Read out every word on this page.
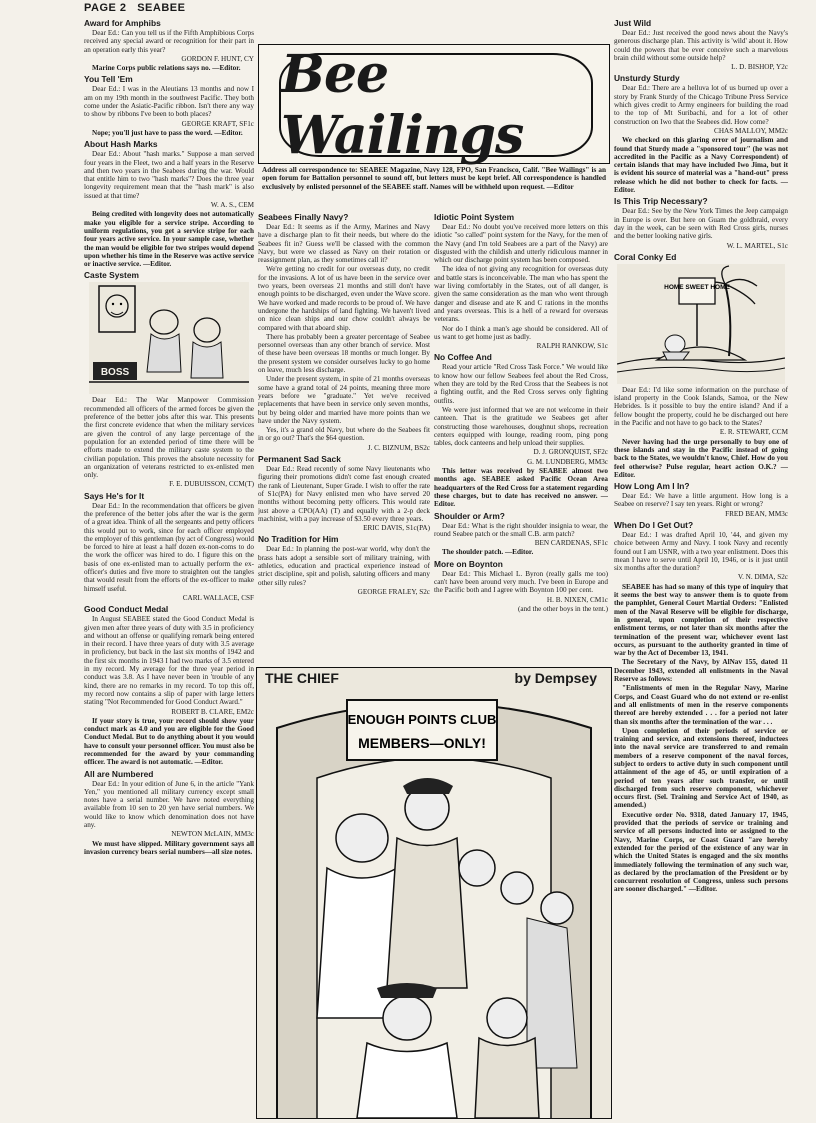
PAGE 2 SEABEE
Award for Amphibs

Dear Ed.: Can you tell us if the Fifth Amphibious Corps received any special award or recognition for their part in an operation early this year?

GORDON F. HUNT, CY

Marine Corps public relations says no. —Editor.

You Tell 'Em

Dear Ed.: I was in the Aleutians 13 months and now I am on my 19th month in the southwest Pacific. They both come under the Asiatic-Pacific ribbon. Isn't there any way to show by ribbons I've been to both places?

GEORGE KRAFT, SF1c

Nope; you'll just have to pass the word. —Editor.

About Hash Marks

Dear Ed.: About "hash marks." Suppose a man served four years in the Fleet, two and a half years in the Reserve and then two years in the Seabees during the war. Would that entitle him to two "hash marks"? Does the three year longevity requirement mean that the "hash mark" is also issued at that time?

W. A. S., CEM

Being credited with longevity does not automatically make you eligible for a service stripe. According to uniform regulations, you get a service stripe for each four years active service. In your sample case, whether the man would be eligible for two stripes would depend upon whether his time in the Reserve was active service or inactive service. —Editor.

Caste System
BOSS

Dear Ed.: The War Manpower Commission recommended all officers of the armed forces be given the preference of the better jobs after this war. This presents the first concrete evidence that when the military services are given the control of any large percentage of the population for an extended period of time there will be efforts made to extend the military caste system to the civilian population. This proves the absolute necessity for an organization of veterans restricted to ex-enlisted men only.

F. E. DUBUISSON, CCM(T)

Says He's for It

Dear Ed.: In the recommendation that officers be given the preference of the better jobs after the war is the germ of a great idea. Think of all the sergeants and petty officers this would put to work, since for each officer employed the employer of this gentleman (by act of Congress) would be forced to hire at least a half dozen ex-non-coms to do the work the officer was hired to do. I figure this on the basis of one ex-enlisted man to actually perform the ex-officer's duties and five more to straighten out the tangles that would result from the efforts of the ex-officer to make himself useful.

CARL WALLACE, CSF

Good Conduct Medal

In August SEABEE stated the Good Conduct Medal is given men after three years of duty with 3.5 in proficiency and without an offense or qualifying remark being entered in their record. I have three years of duty with 3.5 average in proficiency, but back in the last six months of 1942 and the first six months in 1943 I had two marks of 3.5 entered in my record. My average for the three year period in conduct was 3.8. As I have never been in 'trouble of any kind, there are no remarks in my record. To top this off, my record now contains a slip of paper with large letters stating "Not Recommended for Good Conduct Award."

ROBERT B. CLARE, EM2c

If your story is true, your record should show your conduct mark as 4.0 and you are eligible for the Good Conduct Medal. But to do anything about it you would have to consult your personnel officer. You must also be recommended for the award by your commanding officer. The award is not automatic. —Editor.

All are Numbered

Dear Ed.: In your edition of June 6, in the article "Yank Yen," you mentioned all military currency except small notes have a serial number. We have noted everything available from 10 sen to 20 yen have serial numbers. We would like to know which denomination does not have any.

NEWTON McLAIN, MM3c

We must have slipped. Military government says all invasion currency bears serial numbers—all size notes.

Bee Wailings
Address all correspondence to: SEABEE Magazine, Navy 128, FPO, San Francisco, Calif. "Bee Wailings" is an open forum for Battalion personnel to sound off, but letters must be kept brief. All correspondence is handled exclusively by enlisted personnel of the SEABEE staff. Names will be withheld upon request. —Editor
Seabees Finally Navy?

Dear Ed.: It seems as if the Army, Marines and Navy have a discharge plan to fit their needs, but where do the Seabees fit in? Guess we'll be classed with the common Navy, but were we classed as Navy on their rotation or reassignment plan, as they sometimes call it?

We're getting no credit for our overseas duty, no credit for the invasions. A lot of us have been in the service over two years, been overseas 21 months and still don't have enough points to be discharged, even under the Wave score. We have worked and made records to be proud of. We have undergone the hardships of land fighting. We haven't lived on nice clean ships and our chow couldn't always be compared with that aboard ship.

There has probably been a greater percentage of Seabee personnel overseas than any other branch of service. Most of these have been overseas 18 months or much longer. By the present system we consider ourselves lucky to go home on leave, much less discharge.

Under the present system, in spite of 21 months overseas some have a grand total of 24 points, meaning three more years before we "graduate." Yet we've received replacements that have been in service only seven months, but by being older and married have more points than we have under the Navy system.

Yes, it's a grand old Navy, but where do the Seabees fit in or go out? That's the $64 question.

J. C. BIZNUM, BS2c

Permanent Sad Sack

Dear Ed.: Read recently of some Navy lieutenants who figuring their promotions didn't come fast enough created the rank of Lieutenant, Super Grade. I wish to offer the rate of S1c(PA) for Navy enlisted men who have served 20 months without becoming petty officers. This would rate just above a CPO(AA) (T) and equally with a 2-p deck machinist, with a pay increase of $3.50 every three years.

ERIC DAVIS, S1c(PA)

No Tradition for Him

Dear Ed.: In planning the post-war world, why don't the brass hats adopt a sensible sort of military training, with athletics, education and practical experience instead of strict discipline, spit and polish, saluting officers and many other silly rules?

GEORGE FRALEY, S2c

Idiotic Point System

Dear Ed.: No doubt you've received more letters on this idiotic "so called" point system for the Navy, for the men of the Navy (and I'm told Seabees are a part of the Navy) are disgusted with the childish and utterly ridiculous manner in which our discharge point system has been composed.

The idea of not giving any recognition for overseas duty and battle stars is inconceivable. The man who has spent the war living comfortably in the States, out of all danger, is given the same consideration as the man who went through danger and disease and ate K and C rations in the months and years overseas. This is a hell of a reward for overseas veterans.

Nor do I think a man's age should be considered. All of us want to get home just as badly.

RALPH RANKOW, S1c

No Coffee And

Read your article "Red Cross Task Force." We would like to know how our fellow Seabees feel about the Red Cross, when they are told by the Red Cross that the Seabees is not a fighting outfit, and the Red Cross serves only fighting outfits.

We were just informed that we are not welcome in their canteen. That is the gratitude we Seabees get after constructing those warehouses, doughnut shops, recreation centers equipped with lounge, reading room, ping pong tables, dock canteens and help unload their supplies.

D. J. GRONQUIST, SF2c

G. M. LUNDBERG, MM3c

This letter was received by SEABEE almost two months ago. SEABEE asked Pacific Ocean Area headquarters of the Red Cross for a statement regarding these charges, but to date has received no answer. —Editor.

Shoulder or Arm?

Dear Ed.: What is the right shoulder insignia to wear, the round Seabee patch or the small C.B. arm patch?

BEN CARDENAS, SF1c

The shoulder patch. —Editor.

More on Boynton

Dear Ed.: This Michael L. Byron (really galls me too) can't have been around very much. I've been in Europe and the Pacific both and I agree with Boynton 100 per cent.

H. B. NIXEN, CM1c

(and the other boys in the tent.)

THE CHIEF	by Dempsey
ENOUGH POINTS CLUB
MEMBERS—ONLY!
Just Wild

Dear Ed.: Just received the good news about the Navy's generous discharge plan. This activity is 'wild' about it. How could the powers that be ever conceive such a marvelous brain child without some outside help?

L. D. BISHOP, Y2c

Unsturdy Sturdy

Dear Ed.: There are a helluva lot of us burned up over a story by Frank Sturdy of the Chicago Tribune Press Service which gives credit to Army engineers for building the road to the top of Mt Suribachi, and for a lot of other construction on Iwo that the Seabees did. How come?

CHAS MALLOY, MM2c

We checked on this glaring error of journalism and found that Sturdy made a "sponsored tour" (he was not accredited in the Pacific as a Navy Correspondent) of certain islands that may have included Iwo Jima, but it is evident his source of material was a "hand-out" press release which he did not bother to check for facts. —Editor.

Is This Trip Necessary?

Dear Ed.: See by the New York Times the Jeep campaign in Europe is over. But here on Guam the goldbraid, every day in the week, can be seen with Red Cross girls, nurses and the better looking native girls.

W. L. MARTEL, S1c

Coral Conky Ed
HOME SWEET HOME

Dear Ed.: I'd like some information on the purchase of island property in the Cook Islands, Samoa, or the New Hebrides. Is it possible to buy the entire island? And if a fellow bought the property, could he be discharged out here in the Pacific and not have to go back to the States?

E. R. STEWART, CCM

Never having had the urge personally to buy one of these islands and stay in the Pacific instead of going back to the States, we wouldn't know, Chief. How do you feel otherwise? Pulse regular, heart action O.K.? —Editor.

How Long Am I In?

Dear Ed.: We have a little argument. How long is a Seabee on reserve? I say ten years. Right or wrong?

FRED BEAN, MM3c

When Do I Get Out?

Dear Ed.: I was drafted April 10, '44, and given my choice between Army and Navy. I took Navy and recently found out I am USNR, with a two year enlistment. Does this mean I have to serve until April 10, 1946, or is it just until six months after the duration?

V. N. DIMA, S2c

SEABEE has had so many of this type of inquiry that it seems the best way to answer them is to quote from the pamphlet, General Court Martial Orders: "Enlisted men of the Naval Reserve will be eligible for discharge, in general, upon completion of their respective enlistment terms, or not later than six months after the termination of the present war, whichever event last occurs, as pursuant to the authority granted in time of war by the Act of December 13, 1941.

The Secretary of the Navy, by AlNav 155, dated 11 December 1943, extended all enlistments in the Naval Reserve as follows:

"Enlistments of men in the Regular Navy, Marine Corps, and Coast Guard who do not extend or re-enlist and all enlistments of men in the reserve components thereof are hereby extended . . . for a period not later than six months after the termination of the war . . .

Upon completion of their periods of service or training and service, and extensions thereof, inductees into the naval service are transferred to and remain members of a reserve component of the naval forces, subject to orders to active duty in such component until attainment of the age of 45, or until expiration of a period of ten years after such transfer, or until discharged from such reserve component, whichever occurs first. (Sel. Training and Service Act of 1940, as amended.)

Executive order No. 9318, dated January 17, 1945, provided that the periods of service or training and service of all persons inducted into or assigned to the Navy, Marine Corps, or Coast Guard "are hereby extended for the period of the existence of any war in which the United States is engaged and the six months immediately following the termination of any such war, as declared by the proclamation of the President or by concurrent resolution of Congress, unless such persons are sooner discharged." —Editor.
